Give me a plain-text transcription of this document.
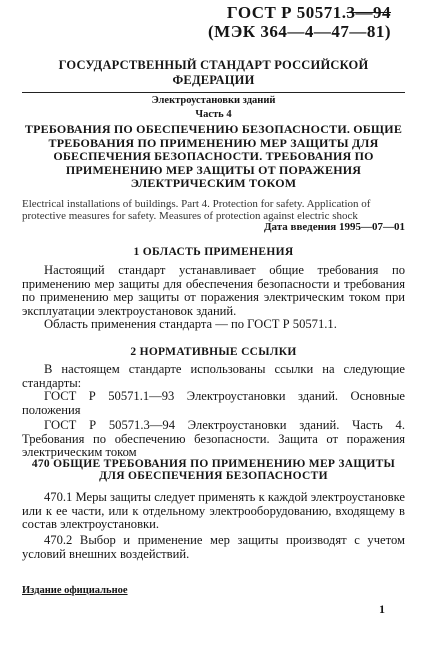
ГОСТ Р 50571.3—94
(МЭК 364—4—47—81)
ГОСУДАРСТВЕННЫЙ СТАНДАРТ РОССИЙСКОЙ ФЕДЕРАЦИИ
Электроустановки зданий
Часть 4
ТРЕБОВАНИЯ ПО ОБЕСПЕЧЕНИЮ БЕЗОПАСНОСТИ. ОБЩИЕ ТРЕБОВАНИЯ ПО ПРИМЕНЕНИЮ МЕР ЗАЩИТЫ ДЛЯ ОБЕСПЕЧЕНИЯ БЕЗОПАСНОСТИ. ТРЕБОВАНИЯ ПО ПРИМЕНЕНИЮ МЕР ЗАЩИТЫ ОТ ПОРАЖЕНИЯ ЭЛЕКТРИЧЕСКИМ ТОКОМ
Electrical installations of buildings. Part 4. Protection for safety. Application of protective measures for safety. Measures of protection against electric shock
Дата введения 1995—07—01
1 ОБЛАСТЬ ПРИМЕНЕНИЯ
Настоящий стандарт устанавливает общие требования по применению мер защиты для обеспечения безопасности и требования по применению мер защиты от поражения электрическим током при эксплуатации электроустановок зданий.
Область применения стандарта — по ГОСТ Р 50571.1.
2 НОРМАТИВНЫЕ ССЫЛКИ
В настоящем стандарте использованы ссылки на следующие стандарты:
ГОСТ Р 50571.1—93 Электроустановки зданий. Основные положения
ГОСТ Р 50571.3—94 Электроустановки зданий. Часть 4. Требования по обеспечению безопасности. Защита от поражения электрическим током
470 ОБЩИЕ ТРЕБОВАНИЯ ПО ПРИМЕНЕНИЮ МЕР ЗАЩИТЫ ДЛЯ ОБЕСПЕЧЕНИЯ БЕЗОПАСНОСТИ
470.1 Меры защиты следует применять к каждой электроустановке или к ее части, или к отдельному электрооборудованию, входящему в состав электроустановки.
470.2 Выбор и применение мер защиты производят с учетом условий внешних воздействий.
Издание официальное
1
